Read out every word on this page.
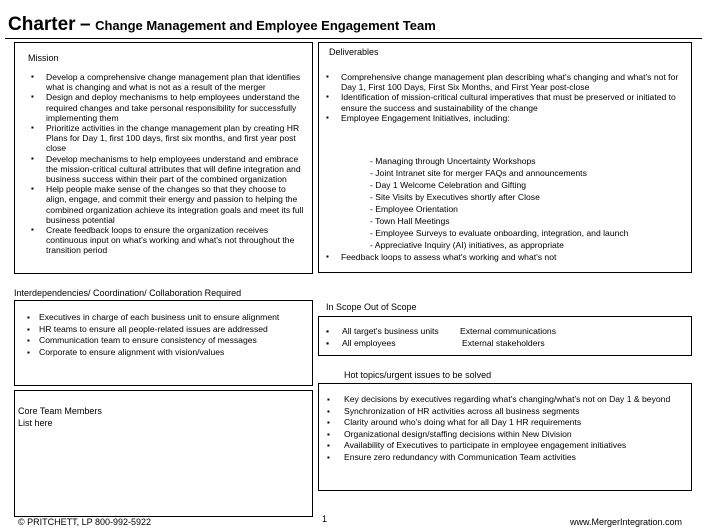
Charter – Change Management and Employee Engagement Team
Mission
▪ Develop a comprehensive change management plan that identifies what is changing and what is not as a result of the merger
▪ Design and deploy mechanisms to help employees understand the required changes and take personal responsibility for successfully implementing them
▪ Prioritize activities in the change management plan by creating HR Plans for Day 1, first 100 days, first six months, and first year post close
▪ Develop mechanisms to help employees understand and embrace the mission-critical cultural attributes that will define integration and business success within their part of the combined organization
▪ Help people make sense of the changes so that they choose to align, engage, and commit their energy and passion to helping the combined organization achieve its integration goals and meet its full business potential
▪ Create feedback loops to ensure the organization receives continuous input on what's working and what's not throughout the transition period
Deliverables
▪ Comprehensive change management plan describing what's changing and what's not for Day 1, First 100 Days, First Six Months, and First Year post-close
▪ Identification of mission-critical cultural imperatives that must be preserved or initiated to ensure the success and sustainability of the change
▪ Employee Engagement Initiatives, including:
- Managing through Uncertainty Workshops
- Joint Intranet site for merger FAQs and announcements
- Day 1 Welcome Celebration and Gifting
- Site Visits by Executives shortly after Close
- Employee Orientation
- Town Hall Meetings
- Employee Surveys to evaluate onboarding, integration, and launch
- Appreciative Inquiry (AI) initiatives, as appropriate
▪ Feedback loops to assess what's working and what's not
Interdependencies/ Coordination/ Collaboration Required
▪ Executives in charge of each business unit to ensure alignment
▪ HR teams to ensure all people-related issues are addressed
▪ Communication team to ensure consistency of messages
▪ Corporate to ensure alignment with vision/values
Core Team Members
List here
In Scope Out of Scope
▪ All target's business units External communications
▪ All employees	External stakeholders
Hot topics/urgent issues to be solved
▪ Key decisions by executives regarding what's changing/what's not on Day 1 & beyond
▪ Synchronization of HR activities across all business segments
▪ Clarity around who's doing what for all Day 1 HR requirements
▪ Organizational design/staffing decisions within New Division
▪ Availability of Executives to participate in employee engagement initiatives
▪ Ensure zero redundancy with Communication Team activities
© PRITCHETT, LP 800-992-5922	1	www.MergerIntegration.com
